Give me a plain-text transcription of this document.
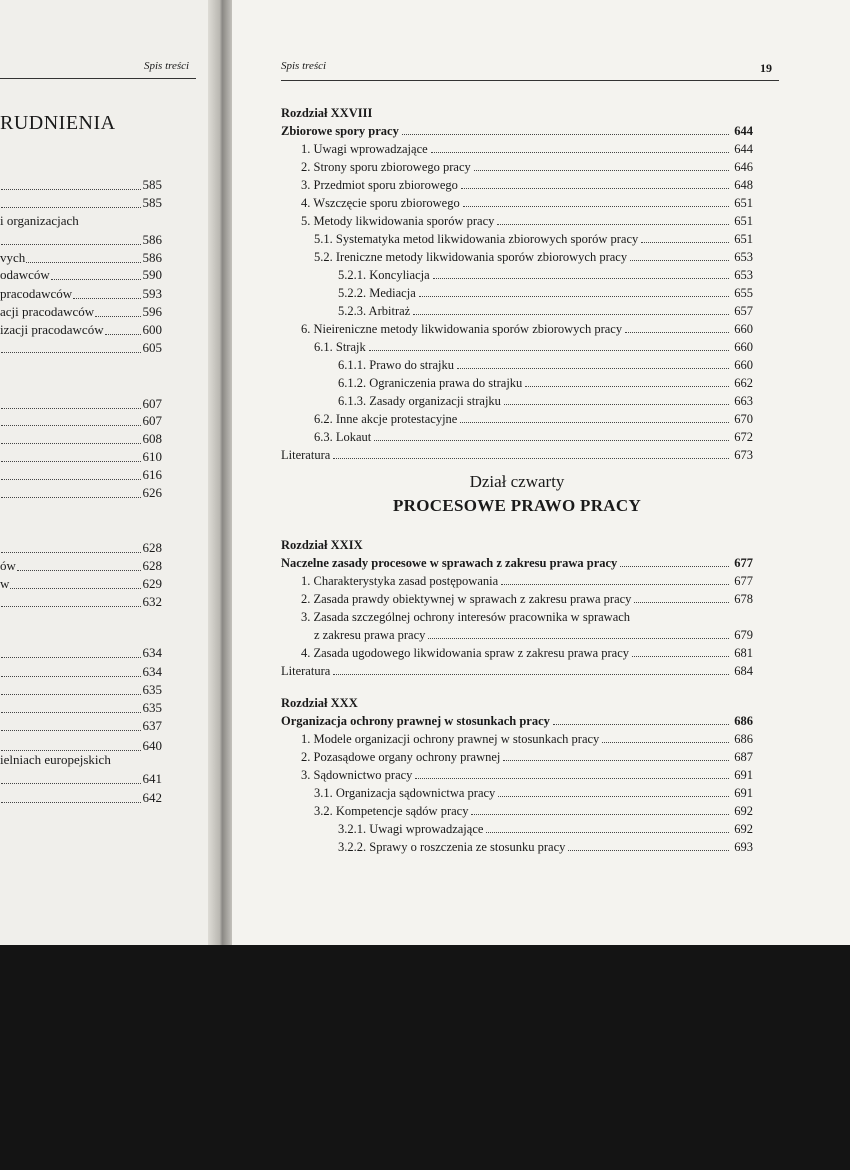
Spis treści
RUDNIENIA
585
585
i organizacjach
586
vych	586
odawców	590
pracodawców	593
acji pracodawców	596
izacji pracodawców	600
605
607
607
608
610
616
626
628
ów	628
w	629
632
634
634
635
635
637
640
ielniach europejskich
641
642
Spis treści	19
Rozdział XXVIII
Zbiorowe spory pracy	644
1. Uwagi wprowadzające	644
2. Strony sporu zbiorowego pracy	646
3. Przedmiot sporu zbiorowego	648
4. Wszczęcie sporu zbiorowego	651
5. Metody likwidowania sporów pracy	651
5.1. Systematyka metod likwidowania zbiorowych sporów pracy	651
5.2. Ireniczne metody likwidowania sporów zbiorowych pracy	653
5.2.1. Koncyliacja	653
5.2.2. Mediacja	655
5.2.3. Arbitraż	657
6. Nieireniczne metody likwidowania sporów zbiorowych pracy	660
6.1. Strajk	660
6.1.1. Prawo do strajku	660
6.1.2. Ograniczenia prawa do strajku	662
6.1.3. Zasady organizacji strajku	663
6.2. Inne akcje protestacyjne	670
6.3. Lokaut	672
Literatura	673
Dział czwarty
PROCESOWE PRAWO PRACY
Rozdział XXIX
Naczelne zasady procesowe w sprawach z zakresu prawa pracy	677
1. Charakterystyka zasad postępowania	677
2. Zasada prawdy obiektywnej w sprawach z zakresu prawa pracy	678
3. Zasada szczególnej ochrony interesów pracownika w sprawach
z zakresu prawa pracy	679
4. Zasada ugodowego likwidowania spraw z zakresu prawa pracy	681
Literatura	684
Rozdział XXX
Organizacja ochrony prawnej w stosunkach pracy	686
1. Modele organizacji ochrony prawnej w stosunkach pracy	686
2. Pozasądowe organy ochrony prawnej	687
3. Sądownictwo pracy	691
3.1. Organizacja sądownictwa pracy	691
3.2. Kompetencje sądów pracy	692
3.2.1. Uwagi wprowadzające	692
3.2.2. Sprawy o roszczenia ze stosunku pracy	693
